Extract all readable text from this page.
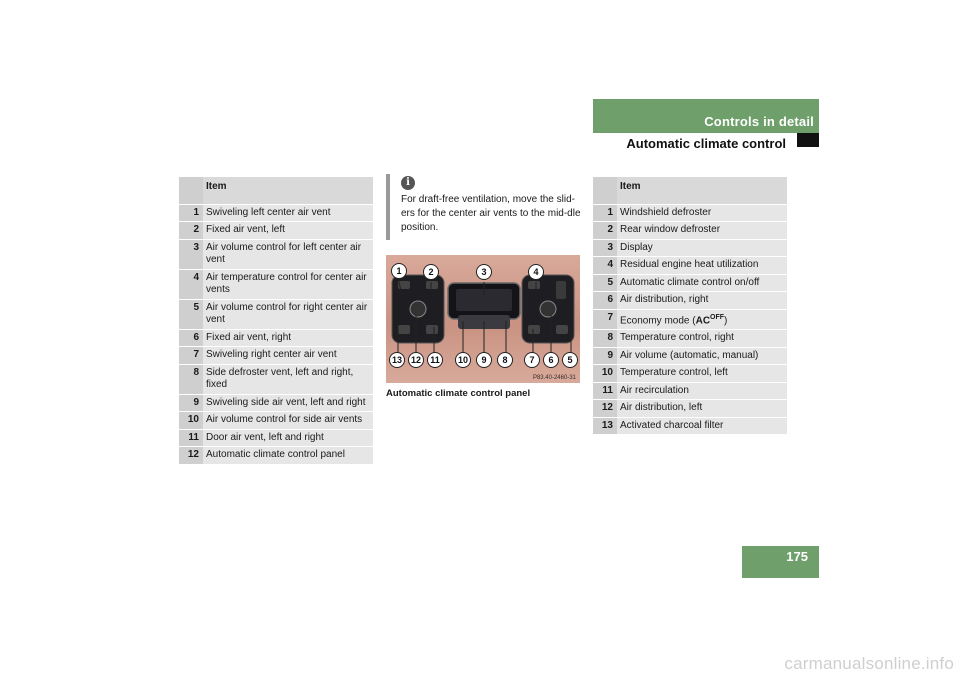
Controls in detail
Automatic climate control
	Item
1	Swiveling left center air vent
2	Fixed air vent, left
3	Air volume control for left center air vent
4	Air temperature control for center air vents
5	Air volume control for right center air vent
6	Fixed air vent, right
7	Swiveling right center air vent
8	Side defroster vent, left and right, fixed
9	Swiveling side air vent, left and right
10	Air volume control for side air vents
11	Door air vent, left and right
12	Automatic climate control panel
i
For draft-free ventilation, move the slid-ers for the center air vents to the mid-dle position.
1	2	3	4
13 12	11	10	9	8	7	6	5
P83.40-2460-31
Automatic climate control panel
	Item
1	Windshield defroster
2	Rear window defroster
3	Display
4	Residual engine heat utilization
5	Automatic climate control on/off
6	Air distribution, right
7	Economy mode $(AC^{OFF})$
8	Temperature control, right
9	Air volume (automatic, manual)
10	Temperature control, left
11	Air recirculation
12	Air distribution, left
13	Activated charcoal filter
175
carmanualsonline.info
